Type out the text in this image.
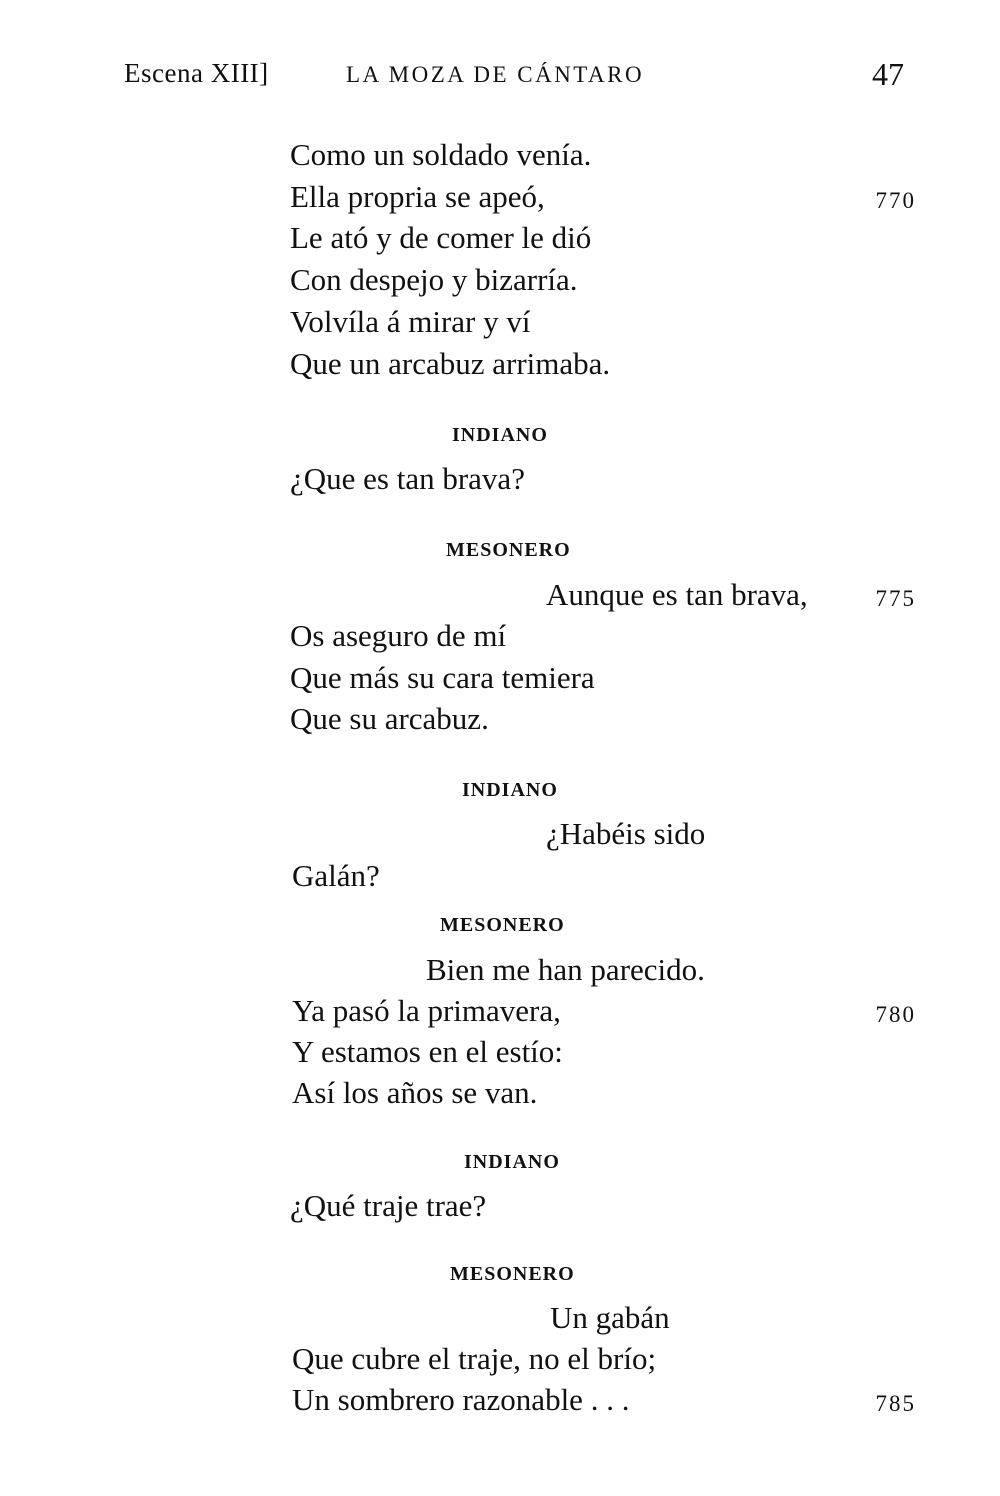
Escena XIII]	LA MOZA DE CÁNTARO	47
Como un soldado venía.
Ella propria se apeó,	770
Le ató y de comer le dió
Con despejo y bizarría.
Volvíla á mirar y ví
Que un arcabuz arrimaba.
INDIANO
¿Que es tan brava?
MESONERO
Aunque es tan brava,	775
Os aseguro de mí
Que más su cara temiera
Que su arcabuz.
INDIANO
¿Habéis sido
Galán?
MESONERO
Bien me han parecido.
Ya pasó la primavera,	780
Y estamos en el estío:
Así los años se van.
INDIANO
¿Qué traje trae?
MESONERO
Un gabán
Que cubre el traje, no el brío;
Un sombrero razonable . . .	785
